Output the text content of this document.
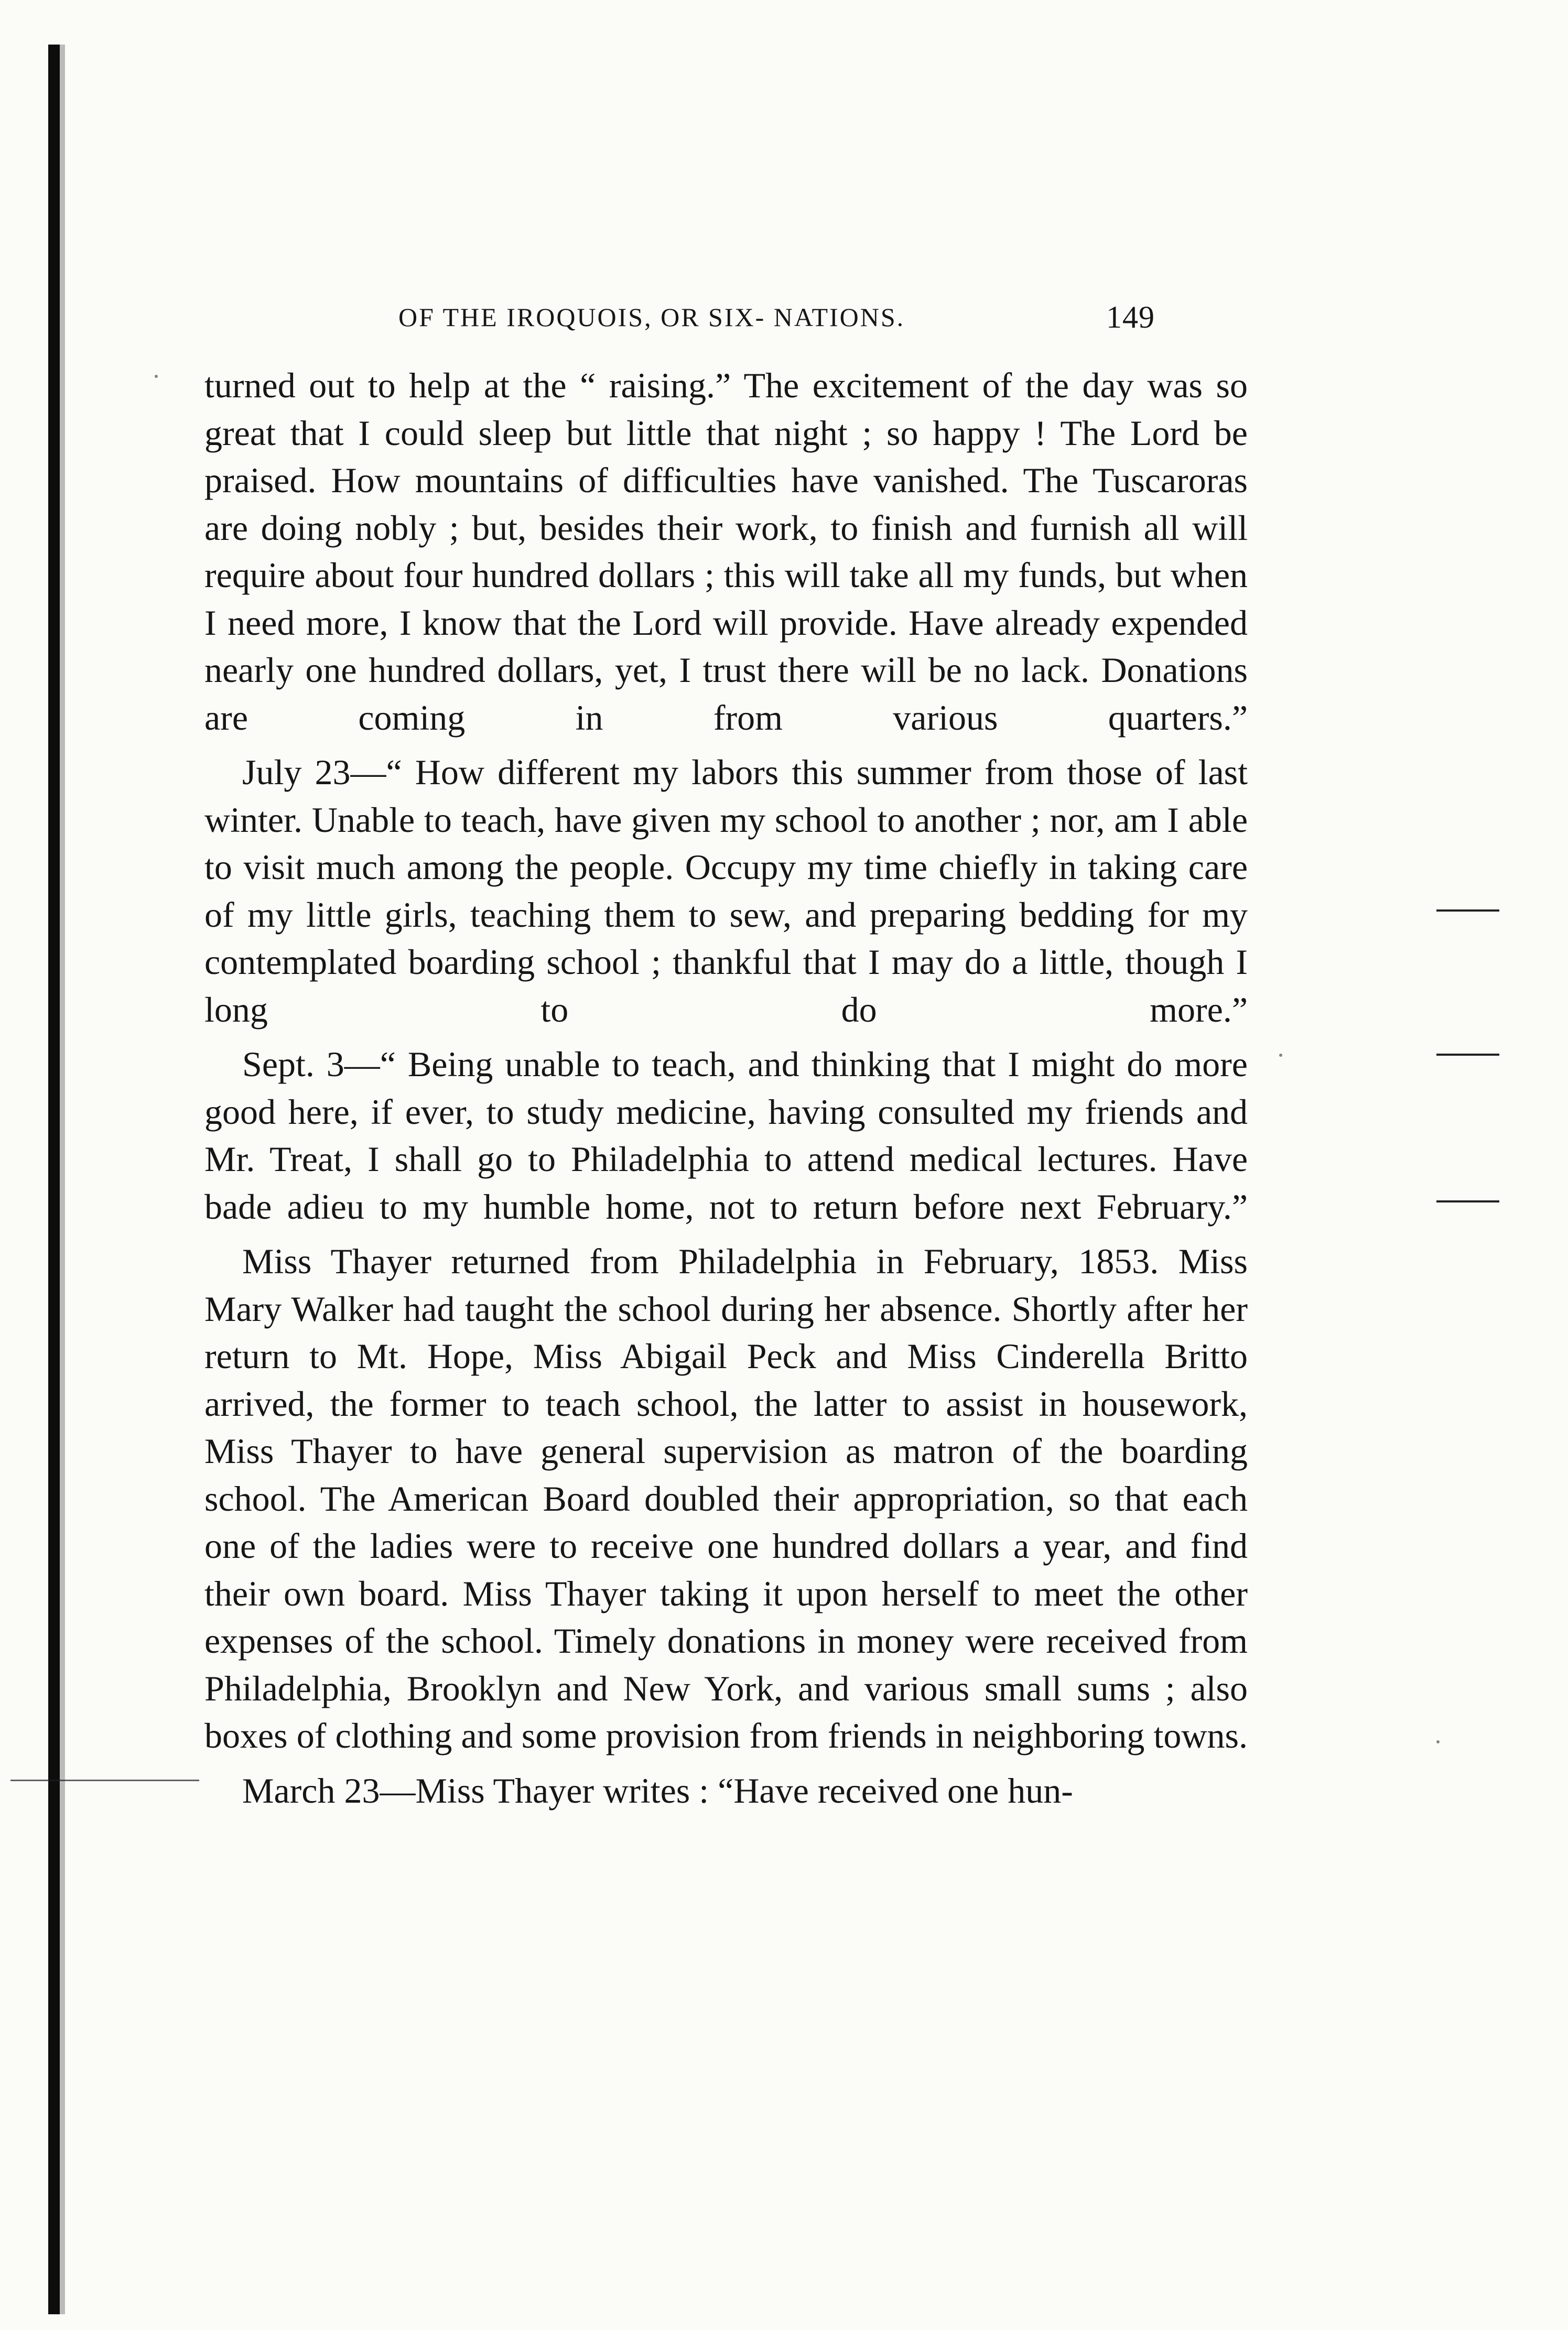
OF THE IROQUOIS, OR SIX- NATIONS.	149

turned out to help at the “ raising.” The excitement of the day was so great that I could sleep but little that night ; so happy ! The Lord be praised. How mountains of difficulties have vanished. The Tuscaroras are doing nobly ; but, besides their work, to finish and furnish all will require about four hundred dollars ; this will take all my funds, but when I need more, I know that the Lord will provide. Have already expended nearly one hundred dollars, yet, I trust there will be no lack. Donations are coming in from various quarters.”

July 23—“ How different my labors this summer from those of last winter. Unable to teach, have given my school to another ; nor, am I able to visit much among the people. Occupy my time chiefly in taking care of my little girls, teaching them to sew, and preparing bedding for my contemplated boarding school ; thankful that I may do a little, though I long to do more.”

Sept. 3—“ Being unable to teach, and thinking that I might do more good here, if ever, to study medicine, having consulted my friends and Mr. Treat, I shall go to Philadelphia to attend medical lectures. Have bade adieu to my humble home, not to return before next February.”

Miss Thayer returned from Philadelphia in February, 1853. Miss Mary Walker had taught the school during her absence. Shortly after her return to Mt. Hope, Miss Abigail Peck and Miss Cinderella Britto arrived, the former to teach school, the latter to assist in housework, Miss Thayer to have general supervision as matron of the boarding school. The American Board doubled their appropriation, so that each one of the ladies were to receive one hundred dollars a year, and find their own board. Miss Thayer taking it upon herself to meet the other expenses of the school. Timely donations in money were received from Philadelphia, Brooklyn and New York, and various small sums ; also boxes of clothing and some provision from friends in neighboring towns.

March 23—Miss Thayer writes : “Have received one hun-
